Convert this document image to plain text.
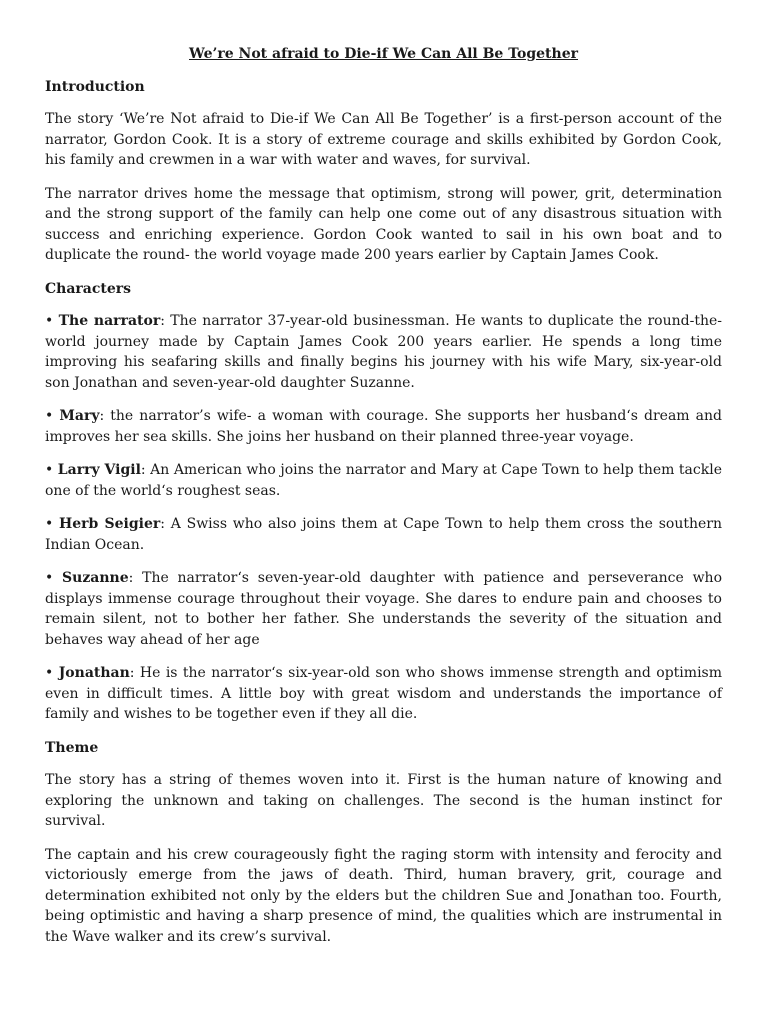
We’re Not afraid to Die-if We Can All Be Together
Introduction

The story ‘We’re Not afraid to Die-if We Can All Be Together’ is a first-person account of the narrator, Gordon Cook. It is a story of extreme courage and skills exhibited by Gordon Cook, his family and crewmen in a war with water and waves, for survival.

The narrator drives home the message that optimism, strong will power, grit, determination and the strong support of the family can help one come out of any disastrous situation with success and enriching experience. Gordon Cook wanted to sail in his own boat and to duplicate the round- the world voyage made 200 years earlier by Captain James Cook.

Characters

• The narrator: The narrator 37-year-old businessman. He wants to duplicate the round-the-world journey made by Captain James Cook 200 years earlier. He spends a long time improving his seafaring skills and finally begins his journey with his wife Mary, six-year-old son Jonathan and seven-year-old daughter Suzanne.

• Mary: the narrator’s wife- a woman with courage. She supports her husband‘s dream and improves her sea skills. She joins her husband on their planned three-year voyage.

• Larry Vigil: An American who joins the narrator and Mary at Cape Town to help them tackle one of the world‘s roughest seas.

• Herb Seigier: A Swiss who also joins them at Cape Town to help them cross the southern Indian Ocean.

• Suzanne: The narrator‘s seven-year-old daughter with patience and perseverance who displays immense courage throughout their voyage. She dares to endure pain and chooses to remain silent, not to bother her father. She understands the severity of the situation and behaves way ahead of her age

• Jonathan: He is the narrator‘s six-year-old son who shows immense strength and optimism even in difficult times. A little boy with great wisdom and understands the importance of family and wishes to be together even if they all die.

Theme

The story has a string of themes woven into it. First is the human nature of knowing and exploring the unknown and taking on challenges. The second is the human instinct for survival.

The captain and his crew courageously fight the raging storm with intensity and ferocity and victoriously emerge from the jaws of death. Third, human bravery, grit, courage and determination exhibited not only by the elders but the children Sue and Jonathan too. Fourth, being optimistic and having a sharp presence of mind, the qualities which are instrumental in the Wave walker and its crew’s survival.
